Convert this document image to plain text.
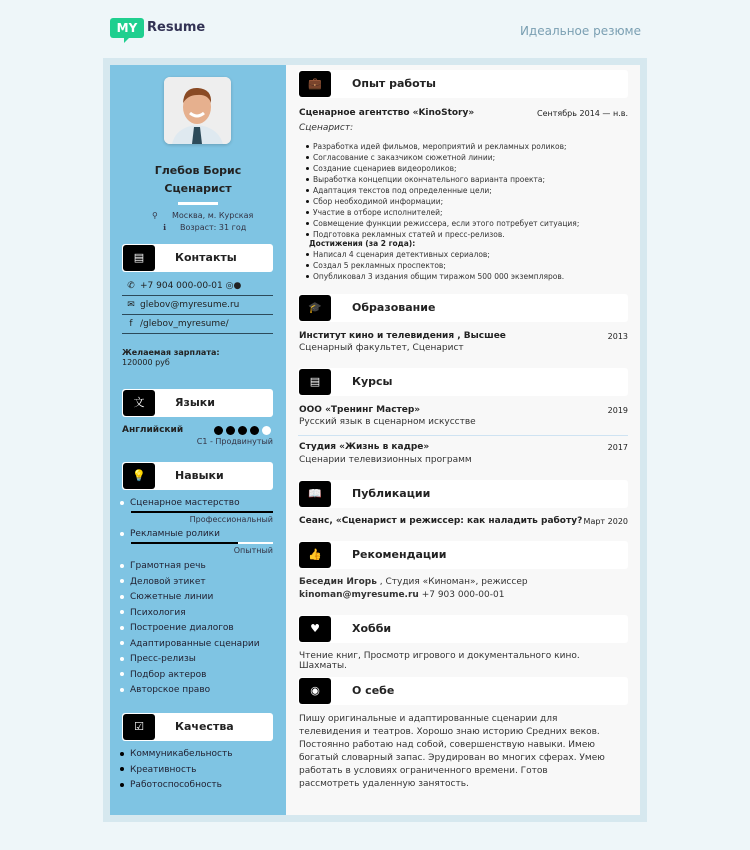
MY Resume	Идеальное резюме
Глебов Борис
Сценарист
⚲ Москва, м. Курская
ℹ Возраст: 31 год
▤	Контакты
✆ +7 904 000-00-01 ◎●
✉ glebov@myresume.ru
f /glebov_myresume/
Желаемая зарплата:
120000 руб
文	Языки
Английский
C1 - Продвинутый
💡	Навыки
Сценарное мастерство
Профессиональный
Рекламные ролики
Опытный
Грамотная речь
Деловой этикет
Сюжетные линии
Психология
Построение диалогов
Адаптированные сценарии
Пресс-релизы
Подбор актеров
Авторское право
☑	Качества
Коммуникабельность
Креативность
Работоспособность
💼	Опыт работы
Сценарное агентство «KinoStory»	Сентябрь 2014 — н.в.
Сценарист:
Разработка идей фильмов, мероприятий и рекламных роликов;
Согласование с заказчиком сюжетной линии;
Создание сценариев видеороликов;
Выработка концепции окончательного варианта проекта;
Адаптация текстов под определенные цели;
Сбор необходимой информации;
Участие в отборе исполнителей;
Совмещение функции режиссера, если этого потребует ситуация;
Подготовка рекламных статей и пресс-релизов.
Достижения (за 2 года):
Написал 4 сценария детективных сериалов;
Создал 5 рекламных проспектов;
Опубликовал 3 издания общим тиражом 500 000 экземпляров.
🎓	Образование
Институт кино и телевидения , Высшее	2013
Сценарный факультет, Сценарист
▤	Курсы
ООО «Тренинг Мастер»	2019
Русский язык в сценарном искусстве
Студия «Жизнь в кадре»	2017
Сценарии телевизионных программ
📖	Публикации
Сеанс, «Сценарист и режиссер: как наладить работу? Март 2020
👍	Рекомендации
Беседин Игорь , Студия «Киноман», режиссер
kinoman@myresume.ru +7 903 000-00-01
♥	Хобби
Чтение книг, Просмотр игрового и документального кино. Шахматы.
◉	О себе
Пишу оригинальные и адаптированные сценарии для телевидения и театров. Хорошо знаю историю Средних веков. Постоянно работаю над собой, совершенствую навыки. Имею богатый словарный запас. Эрудирован во многих сферах. Умею работать в условиях ограниченного времени. Готов рассмотреть удаленную занятость.
